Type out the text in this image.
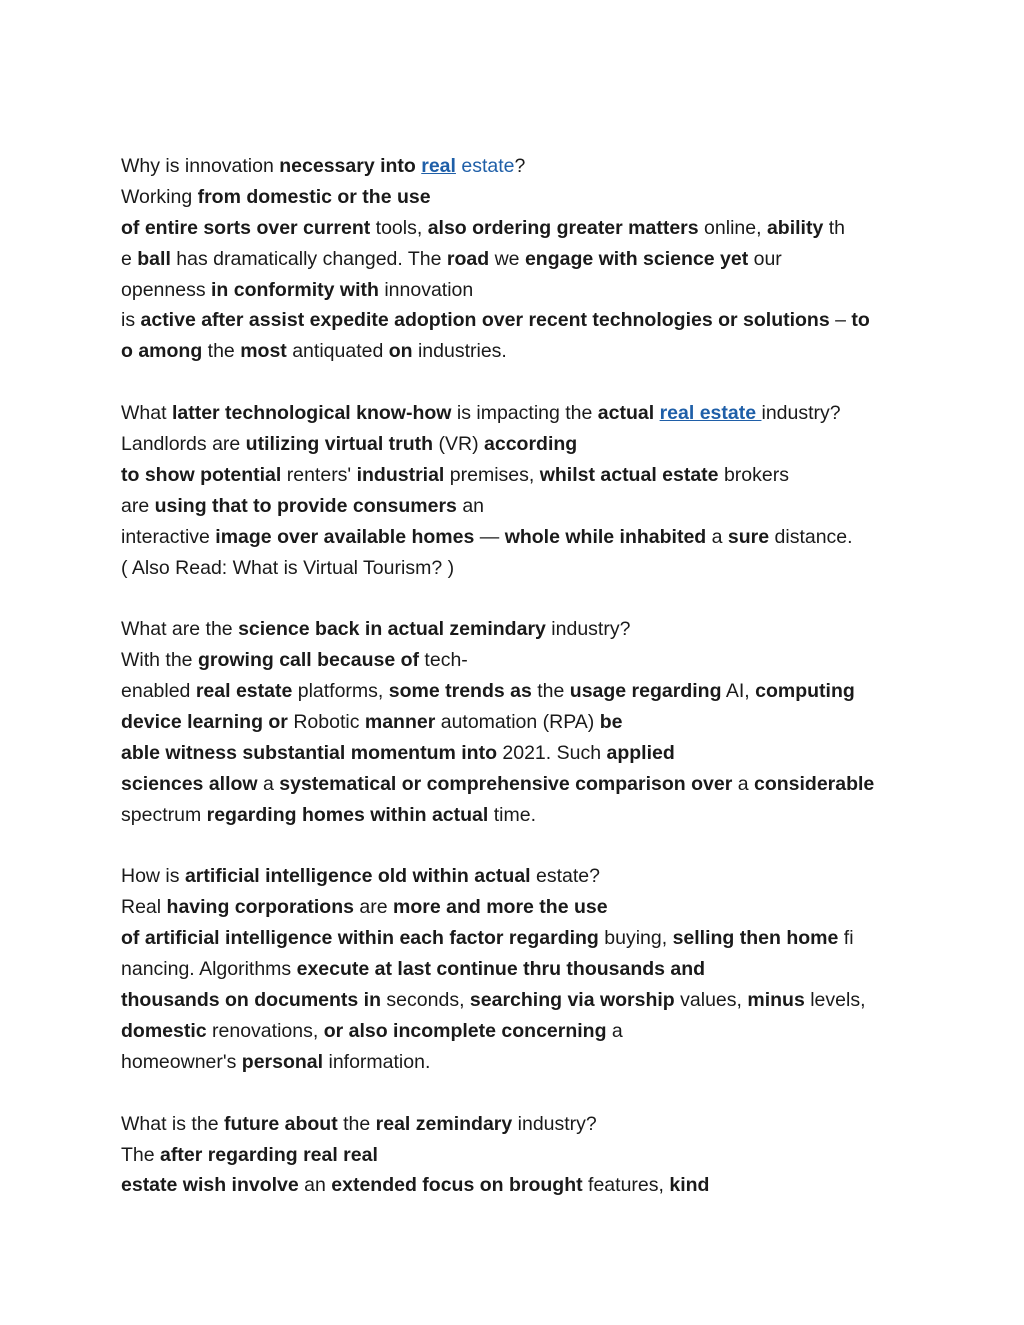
Why is innovation necessary into real estate?
Working from domestic or the use
of entire sorts over current tools, also ordering greater matters online, ability th
e ball has dramatically changed. The road we engage with science yet our
openness in conformity with innovation
is active after assist expedite adoption over recent technologies or solutions – to
o among the most antiquated on industries.
What latter technological know-how is impacting the actual real estate industry?
Landlords are utilizing virtual truth (VR) according
to show potential renters' industrial premises, whilst actual estate brokers
are using that to provide consumers an
interactive image over available homes — whole while inhabited a sure distance.
( Also Read: What is Virtual Tourism? )
What are the science back in actual zemindary industry?
With the growing call because of tech-
enabled real estate platforms, some trends as the usage regarding AI, computing
device learning or Robotic manner automation (RPA) be
able witness substantial momentum into 2021. Such applied
sciences allow a systematical or comprehensive comparison over a considerable
spectrum regarding homes within actual time.
How is artificial intelligence old within actual estate?
Real having corporations are more and more the use
of artificial intelligence within each factor regarding buying, selling then home fi
nancing. Algorithms execute at last continue thru thousands and
thousands on documents in seconds, searching via worship values, minus levels,
domestic renovations, or also incomplete concerning a
homeowner's personal information.
What is the future about the real zemindary industry?
The after regarding real real
estate wish involve an extended focus on brought features, kind
